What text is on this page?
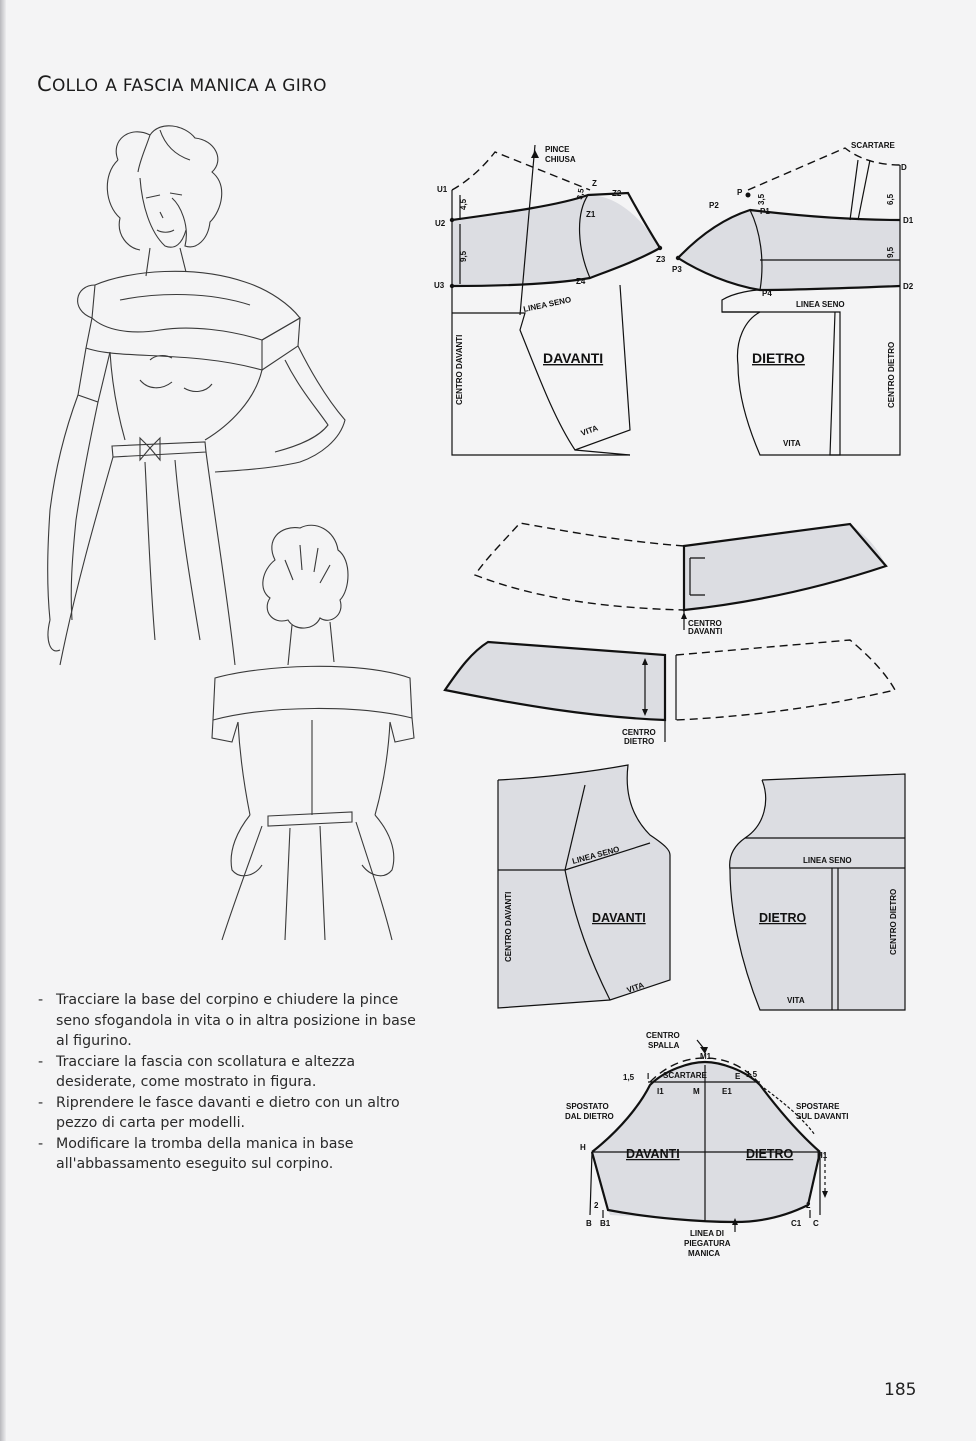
COLLO A FASCIA MANICA A GIRO
PINCE
CHIUSA
U1
U2
U3
Z
Z2
Z1
Z3
Z4
4,5
9,5
3,5
LINEA SENO
CENTRO DAVANTI	DAVANTI
VITA
SCARTARE
D
D1
D2
P
P1
P2
P3
P4
3,5	6,5
9,5
LINEA SENO
CENTRO DIETRO
DIETRO
VITA
CENTRO
DAVANTI
CENTRO
DIETRO
LINEA SENO
CENTRO DAVANTI	DAVANTI
VITA
LINEA SENO
CENTRO DIETRO
DIETRO
VITA
CENTRO
SPALLA
M1
SCARTARE
I
I1	M
E
E1
1,5	1,5
SPOSTATO
DAL DIETRO
SPOSTARE
SUL DAVANTI
H
H1
DAVANTI	DIETRO
2	2
B B1	C1 C
LINEA DI
PIEGATURA
MANICA
- Tracciare la base del corpino e chiudere la pince seno sfogandola in vita o in altra posizione in base al figurino.
- Tracciare la fascia con scollatura e altezza desiderate, come mostrato in figura.
- Riprendere le fasce davanti e dietro con un altro pezzo di carta per modelli.
- Modificare la tromba della manica in base all'abbassamento eseguito sul corpino.
185
